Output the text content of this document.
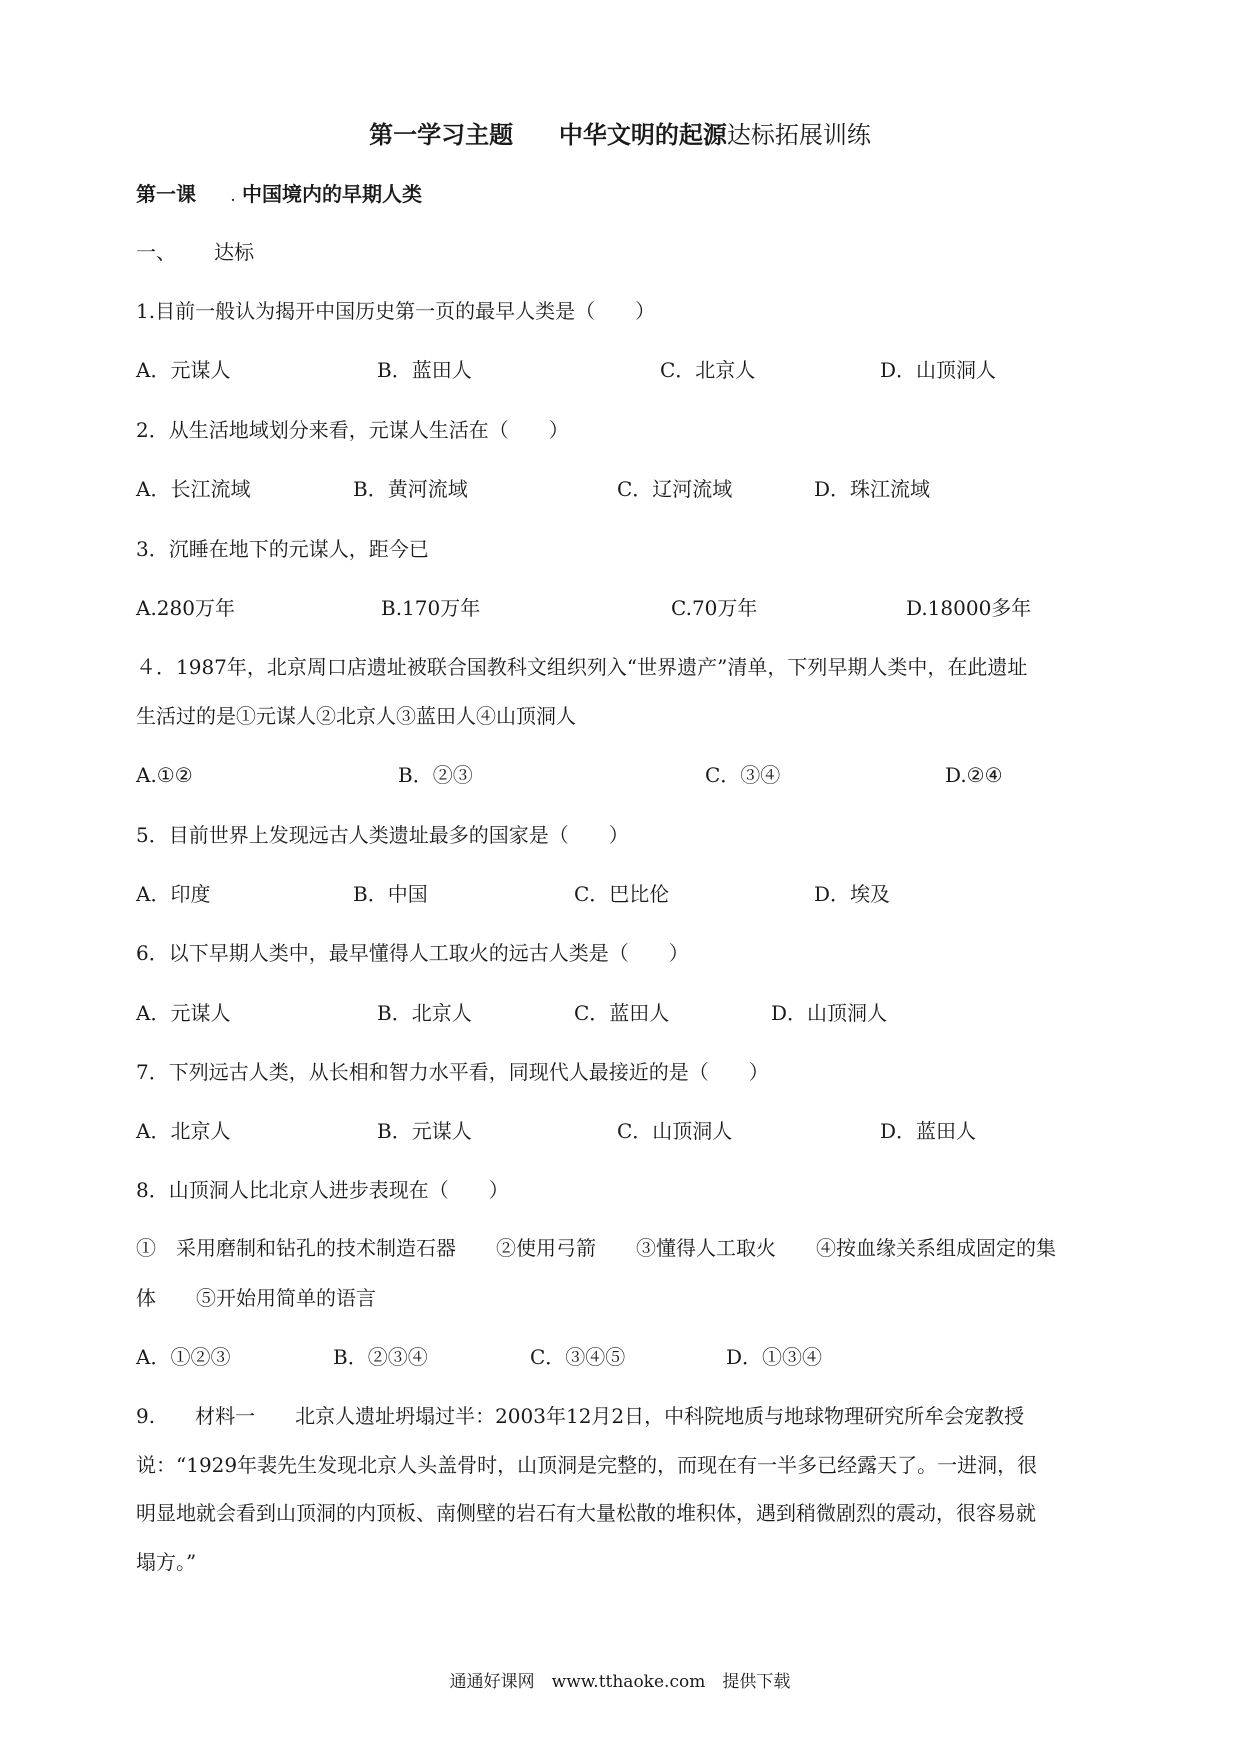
第一学习主题 中华文明的起源达标拓展训练
第一课	. 中国境内的早期人类
一、 达标
1.目前一般认为揭开中国历史第一页的最早人类是（　　）
A．元谋人	B．蓝田人	C．北京人	D．山顶洞人
2．从生活地域划分来看，元谋人生活在（　　）
A．长江流域	B．黄河流域	C．辽河流域	D．珠江流域
3．沉睡在地下的元谋人，距今已
A.280万年	B.170万年	C.70万年	D.18000多年
４．1987年，北京周口店遗址被联合国教科文组织列入“世界遗产”清单，下列早期人类中，在此遗址
生活过的是①元谋人②北京人③蓝田人④山顶洞人
A.①②	B．②③	C．③④	D.②④
5．目前世界上发现远古人类遗址最多的国家是（　　）
A．印度	B．中国	C．巴比伦	D．埃及
6．以下早期人类中，最早懂得人工取火的远古人类是（　　）
A．元谋人	B．北京人	C．蓝田人	D．山顶洞人
7．下列远古人类，从长相和智力水平看，同现代人最接近的是（　　）
A．北京人	B．元谋人	C．山顶洞人	D．蓝田人
8．山顶洞人比北京人进步表现在（　　）
①　采用磨制和钻孔的技术制造石器　　②使用弓箭　　③懂得人工取火　　④按血缘关系组成固定的集
体　　⑤开始用简单的语言
A．①②③	B．②③④	C．③④⑤	D．①③④
9.　　材料一　　北京人遗址坍塌过半：2003年12月2日，中科院地质与地球物理研究所牟会宠教授
说：“1929年裴先生发现北京人头盖骨时，山顶洞是完整的，而现在有一半多已经露天了。一进洞，很
明显地就会看到山顶洞的内顶板、南侧壁的岩石有大量松散的堆积体，遇到稍微剧烈的震动，很容易就
塌方。”
通通好课网　www.tthaoke.com　提供下载
